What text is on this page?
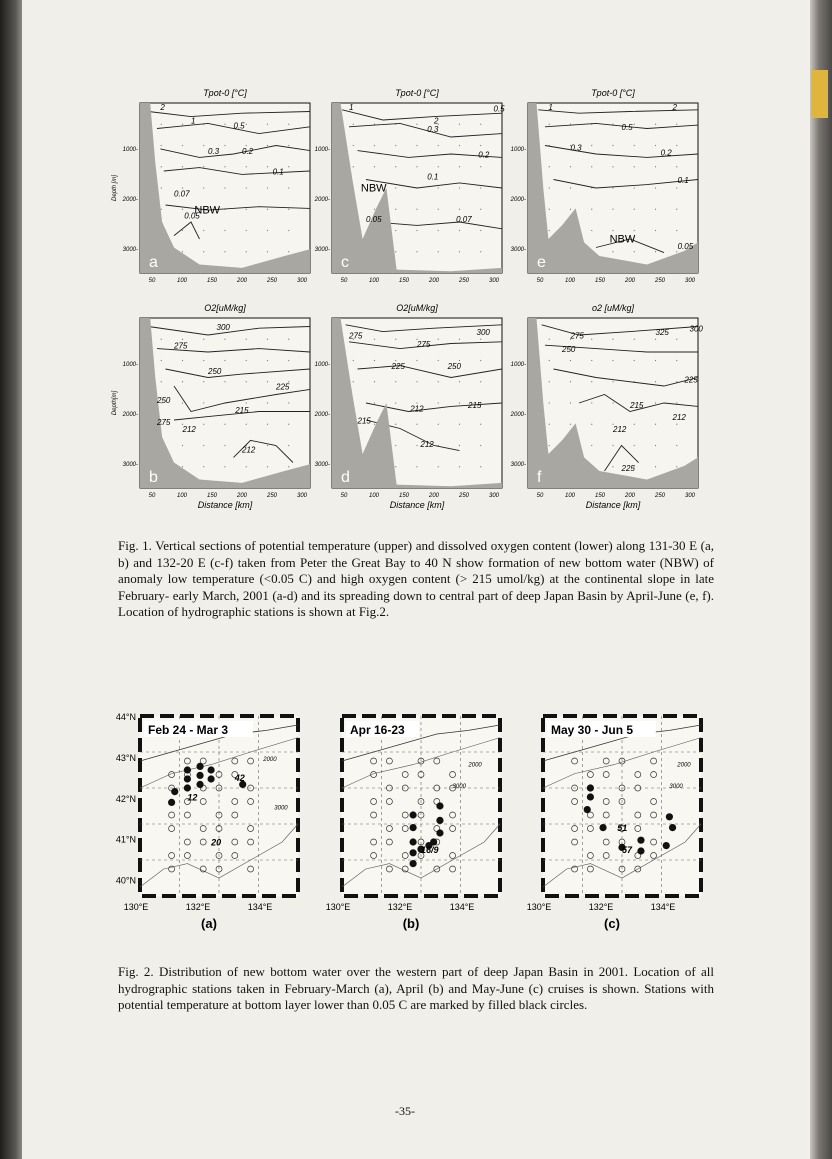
Tpot-0 [°C]
2
1
0.5
0.3	0.2
0.1
0.07
0.05
NBW
a
50	100	150	200	250	300
1000-
2000-
3000-
Depth [m]
Tpot-0 [°C]
1
2
0.5
0.3
0.2
0.1
0.07
0.05
NBW
c
50	100	150	200	250	300
1000-
2000-
3000-
Tpot-0 [°C]
1	2
0.5
0.3
0.2
0.1
0.05
NBW
e
50	100	150	200	250	300
1000-
2000-
3000-
O2[uM/kg]
300
275
250
225
215
212
212
250
275
b
50	100	150	200	250	300
1000-
2000-
3000-
Depth[m]
Distance [km]
O2[uM/kg]
275	300
275
225	250
212	215
215
212
d
50	100	150	200	250	300
1000-
2000-
3000-
Distance [km]
o2 [uM/kg]
275	325	300
250
225
215
212
212
225
f
50	100	150	200	250	300
1000-
2000-
3000-
Distance [km]
Fig. 1. Vertical sections of potential temperature (upper) and dissolved oxygen content (lower) along 131-30 E (a, b) and 132-20 E (c-f) taken from Peter the Great Bay to 40 N show formation of new bottom water (NBW) of anomaly low temperature (<0.05 C) and high oxygen content (> 215 umol/kg) at the continental slope in late February- early March, 2001 (a-d) and its spreading down to central part of deep Japan Basin by April-June (e, f). Location of hydrographic stations is shown at Fig.2.
Feb 24 - Mar 3
12
20
42
2000
3000
130°E	132°E	134°E
(a)
44°N
43°N
42°N
41°N
40°N
Apr 16-23
16/9
2000
3000
130°E	132°E	134°E
(b)
May 30 - Jun 5
51
57
2000
3000
130°E	132°E	134°E
(c)
Fig. 2. Distribution of new bottom water over the western part of deep Japan Basin in 2001. Location of all hydrographic stations taken in February-March (a), April (b) and May-June (c) cruises is shown. Stations with potential temperature at bottom layer lower than 0.05 C are marked by filled black circles.
-35-
